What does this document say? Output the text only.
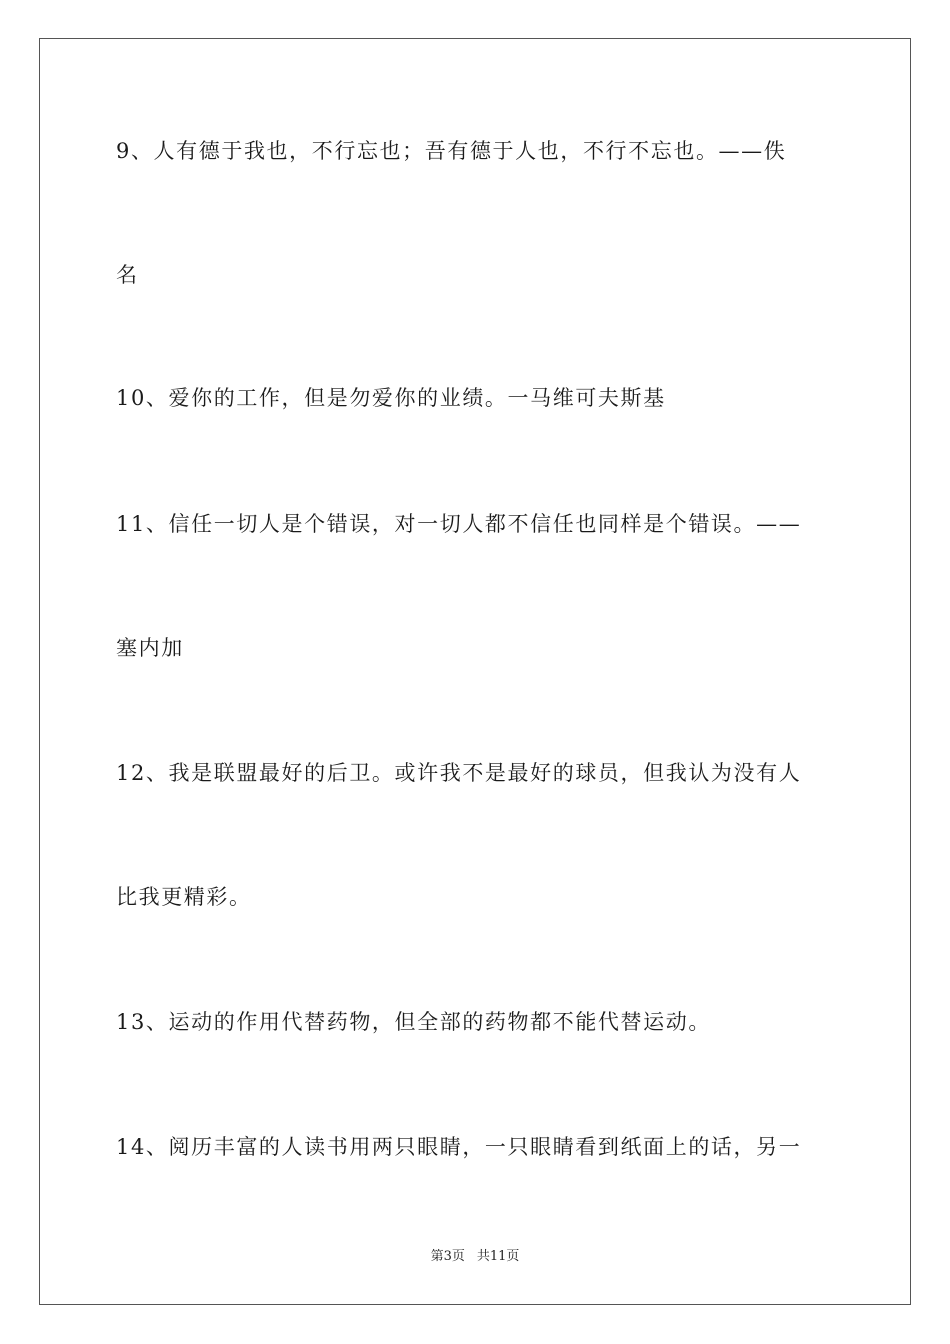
9、人有德于我也，不行忘也；吾有德于人也，不行不忘也。——佚
名
10、爱你的工作，但是勿爱你的业绩。一马维可夫斯基
11、信任一切人是个错误，对一切人都不信任也同样是个错误。——
塞内加
12、我是联盟最好的后卫。或许我不是最好的球员，但我认为没有人
比我更精彩。
13、运动的作用代替药物，但全部的药物都不能代替运动。
14、阅历丰富的人读书用两只眼睛，一只眼睛看到纸面上的话，另一
第3页 共11页
